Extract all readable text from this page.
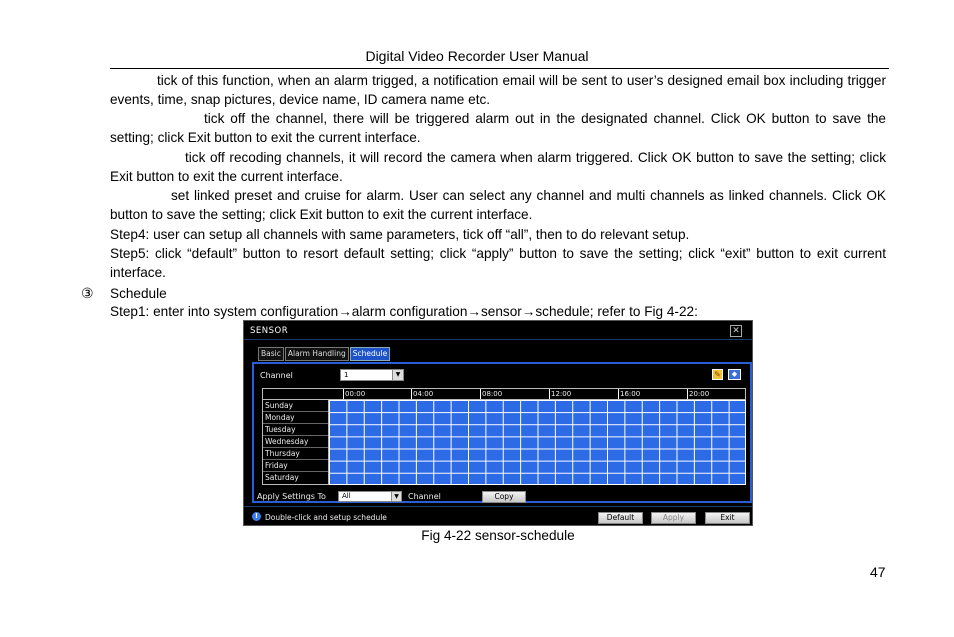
Digital Video Recorder User Manual
tick of this function, when an alarm trigged, a notification email will be sent to user’s designed email box including trigger events, time, snap pictures, device name, ID camera name etc.
tick off the channel, there will be triggered alarm out in the designated channel. Click OK button to save the setting; click Exit button to exit the current interface.
tick off recoding channels, it will record the camera when alarm triggered. Click OK button to save the setting; click Exit button to exit the current interface.
set linked preset and cruise for alarm. User can select any channel and multi channels as linked channels. Click OK button to save the setting; click Exit button to exit the current interface.
Step4: user can setup all channels with same parameters, tick off “all”, then to do relevant setup.
Step5: click “default” button to resort default setting; click “apply” button to save the setting; click “exit” button to exit current interface.
③ Schedule
Step1: enter into system configuration→alarm configuration→sensor→schedule; refer to Fig 4-22:
SENSOR	✕
Basic Alarm Handling Schedule
Channel	1	▼	✎	◆
00:00	04:00	08:00	12:00	16:00	20:00
Sunday
Monday
Tuesday
Wednesday
Thursday
Friday
Saturday
Apply Settings To	All	▼ Channel	Copy
! Double-click and setup schedule	Default	Apply	Exit
Fig 4-22 sensor-schedule
47
